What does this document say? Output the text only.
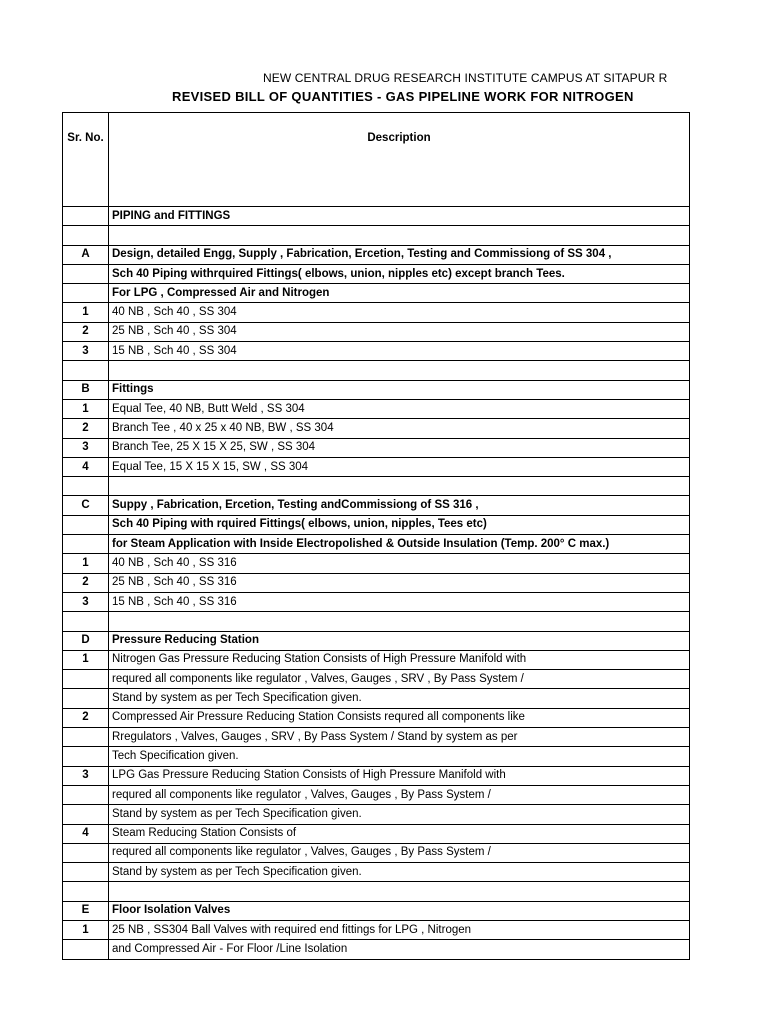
NEW CENTRAL DRUG RESEARCH INSTITUTE CAMPUS AT SITAPUR R
REVISED BILL OF QUANTITIES - GAS PIPELINE WORK FOR NITROGEN
Sr. No.	Description
	PIPING and FITTINGS

A	Design, detailed Engg, Supply , Fabrication, Ercetion, Testing and Commissiong of SS 304 ,
	Sch 40 Piping withrquired Fittings( elbows, union, nipples etc) except branch Tees.
	For LPG , Compressed Air and Nitrogen
1	40 NB , Sch 40 , SS 304
2	25 NB , Sch 40 , SS 304
3	15 NB , Sch 40 , SS 304

B	Fittings
1	Equal Tee, 40 NB, Butt Weld , SS 304
2	Branch Tee , 40 x 25 x 40 NB, BW , SS 304
3	Branch Tee, 25 X 15 X 25, SW , SS 304
4	Equal Tee, 15 X 15 X 15, SW , SS 304

C	Suppy , Fabrication, Ercetion, Testing andCommissiong of SS 316 ,
	Sch 40 Piping with rquired Fittings( elbows, union, nipples, Tees etc)
	for Steam Application with Inside Electropolished & Outside Insulation (Temp. 200° C max.)
1	40 NB , Sch 40 , SS 316
2	25 NB , Sch 40 , SS 316
3	15 NB , Sch 40 , SS 316

D	Pressure Reducing Station
1	Nitrogen Gas Pressure Reducing Station Consists of High Pressure Manifold with
	requred all components like regulator , Valves, Gauges , SRV , By Pass System /
	Stand by system as per Tech Specification given.
2	Compressed Air Pressure Reducing Station Consists requred all components like
	Rregulators , Valves, Gauges , SRV , By Pass System / Stand by system as per
	Tech Specification given.
3	LPG Gas Pressure Reducing Station Consists of High Pressure Manifold with
	requred all components like regulator , Valves, Gauges , By Pass System /
	Stand by system as per Tech Specification given.
4	Steam Reducing Station Consists of
	requred all components like regulator , Valves, Gauges , By Pass System /
	Stand by system as per Tech Specification given.

E	Floor Isolation Valves
1	25 NB , SS304 Ball Valves with required end fittings for LPG , Nitrogen
	and Compressed Air - For Floor /Line Isolation
